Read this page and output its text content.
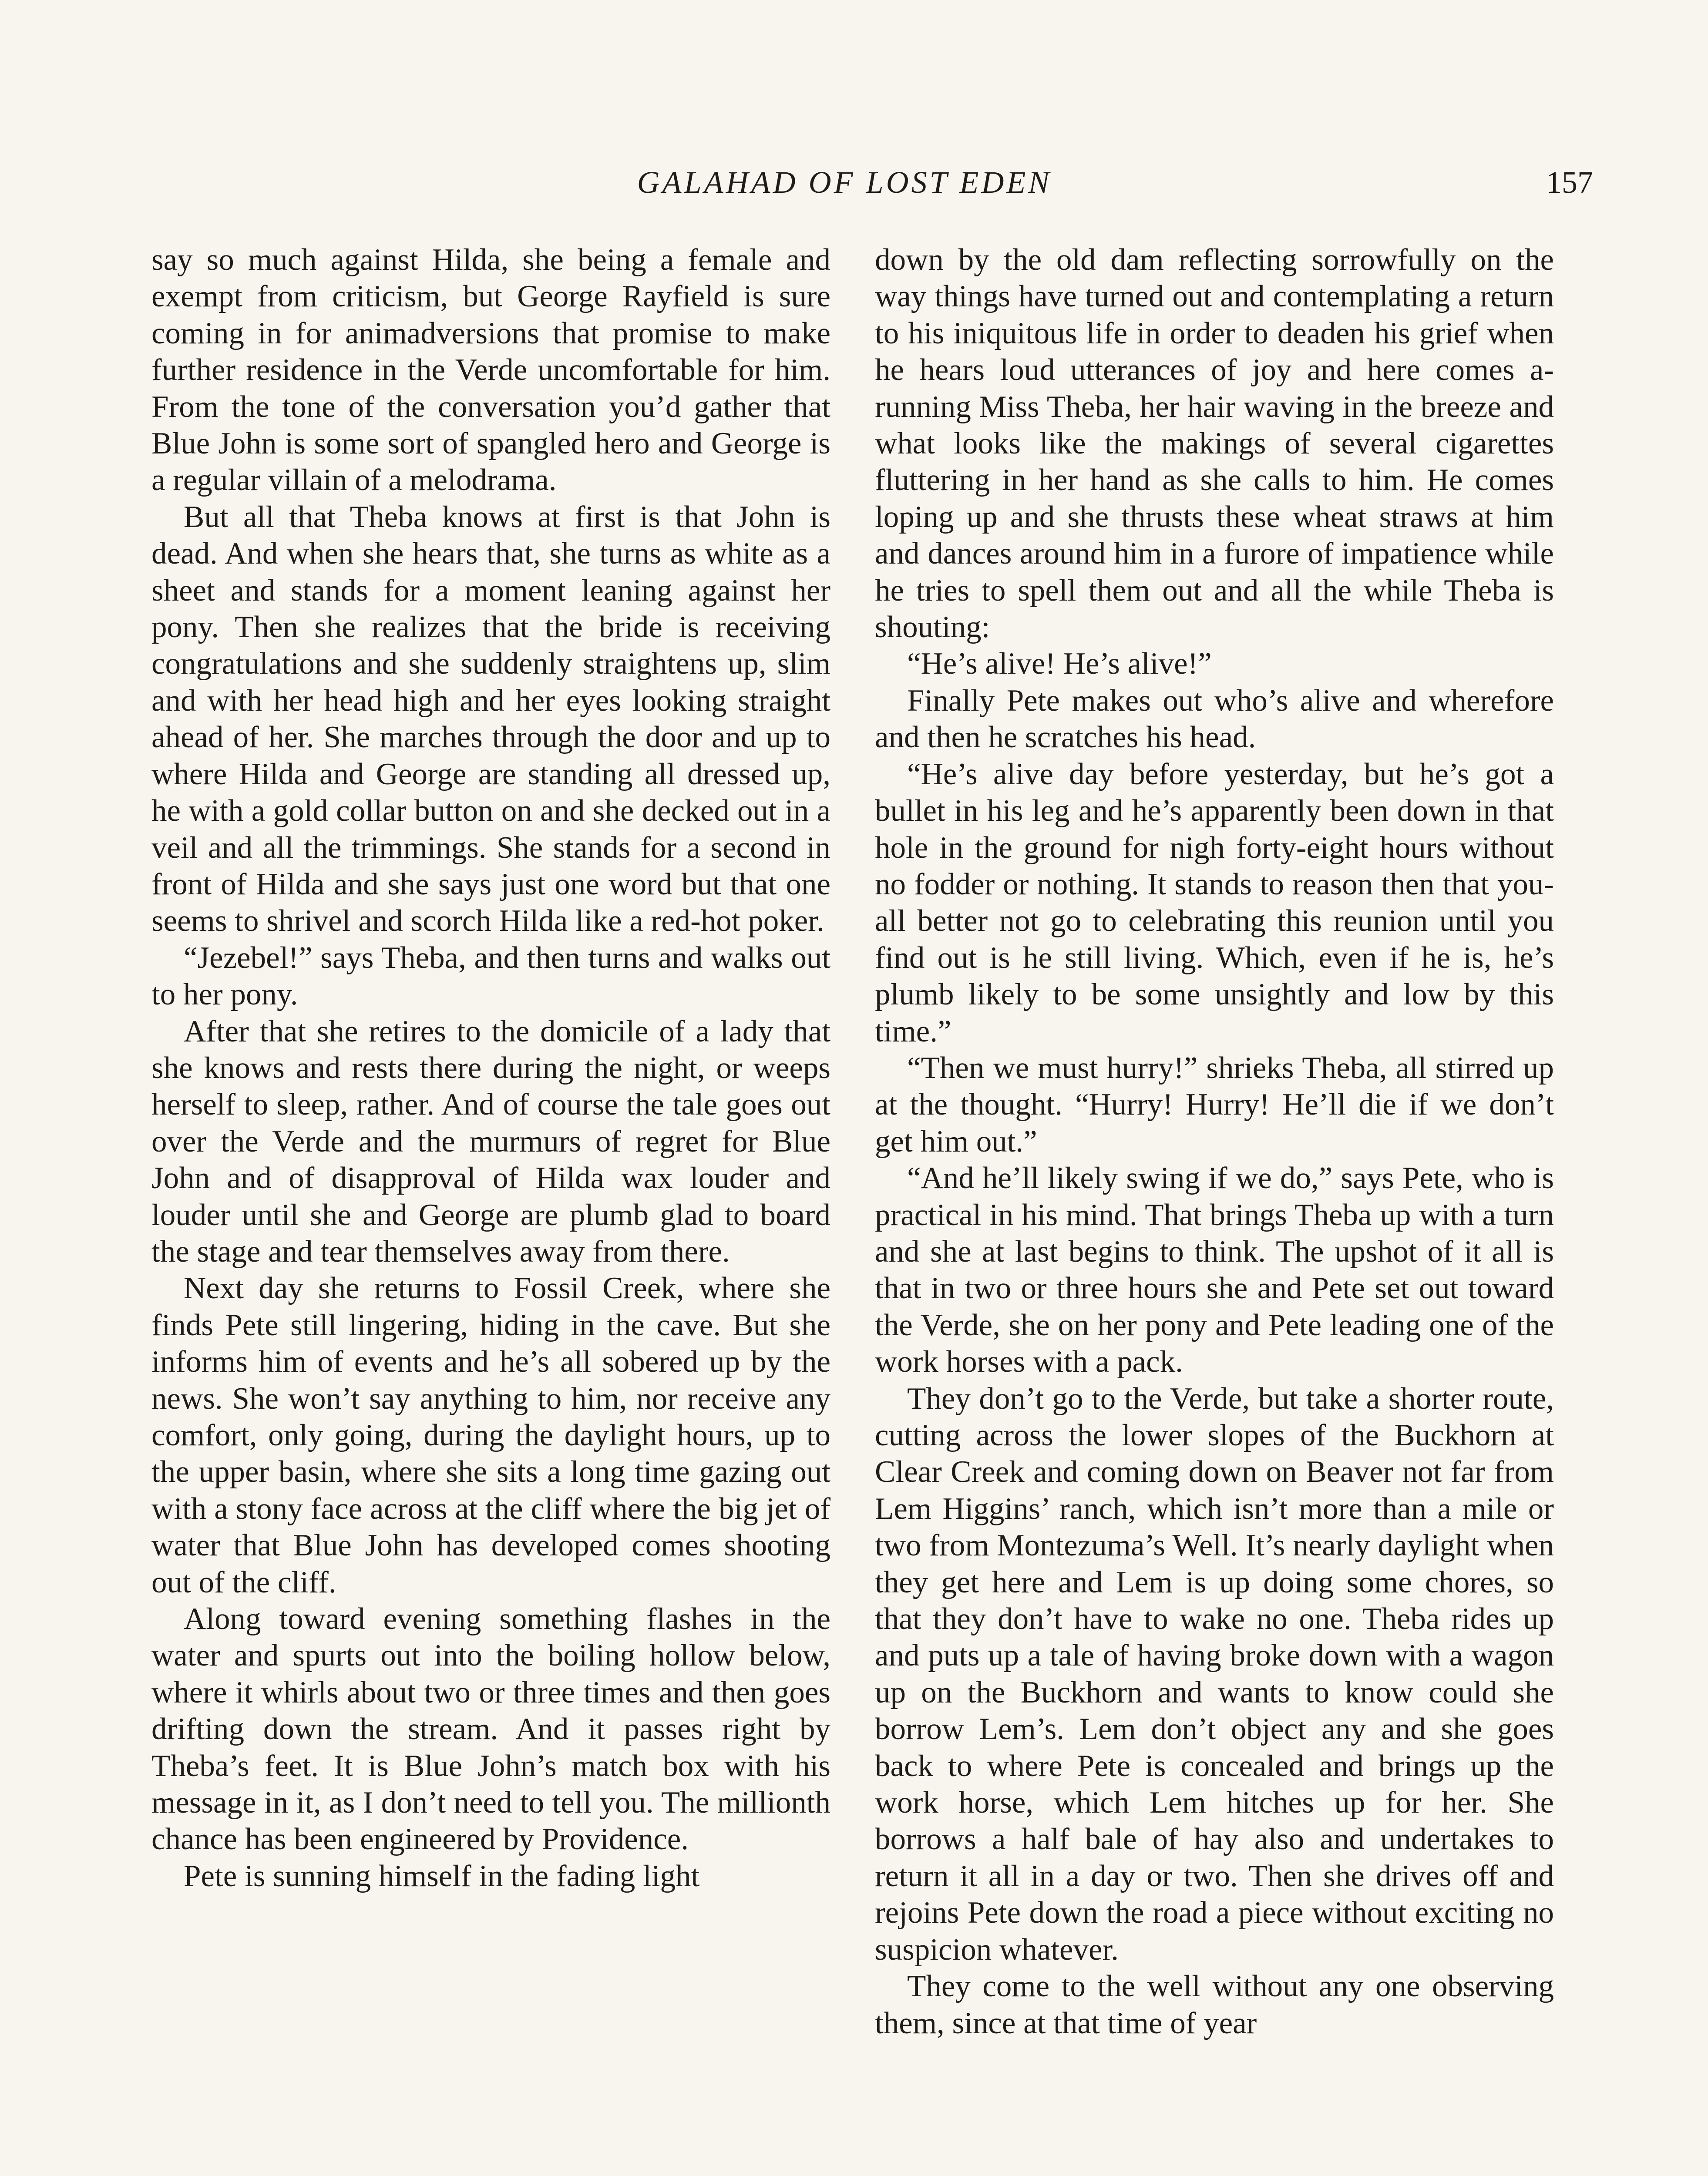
GALAHAD OF LOST EDEN	157

say so much against Hilda, she being a female and exempt from criticism, but George Rayfield is sure coming in for animadversions that promise to make further residence in the Verde uncomfortable for him. From the tone of the conversation you’d gather that Blue John is some sort of spangled hero and George is a regular villain of a melodrama.

But all that Theba knows at first is that John is dead. And when she hears that, she turns as white as a sheet and stands for a moment leaning against her pony. Then she realizes that the bride is receiving congratulations and she suddenly straightens up, slim and with her head high and her eyes looking straight ahead of her. She marches through the door and up to where Hilda and George are standing all dressed up, he with a gold collar button on and she decked out in a veil and all the trimmings. She stands for a second in front of Hilda and she says just one word but that one seems to shrivel and scorch Hilda like a red-hot poker.

“Jezebel!” says Theba, and then turns and walks out to her pony.

After that she retires to the domicile of a lady that she knows and rests there during the night, or weeps herself to sleep, rather. And of course the tale goes out over the Verde and the murmurs of regret for Blue John and of disapproval of Hilda wax louder and louder until she and George are plumb glad to board the stage and tear themselves away from there.

Next day she returns to Fossil Creek, where she finds Pete still lingering, hiding in the cave. But she informs him of events and he’s all sobered up by the news. She won’t say anything to him, nor receive any comfort, only going, during the daylight hours, up to the upper basin, where she sits a long time gazing out with a stony face across at the cliff where the big jet of water that Blue John has developed comes shooting out of the cliff.

Along toward evening something flashes in the water and spurts out into the boiling hollow below, where it whirls about two or three times and then goes drifting down the stream. And it passes right by Theba’s feet. It is Blue John’s match box with his message in it, as I don’t need to tell you. The millionth chance has been engineered by Providence.

Pete is sunning himself in the fading light

down by the old dam reflecting sorrowfully on the way things have turned out and contemplating a return to his iniquitous life in order to deaden his grief when he hears loud utterances of joy and here comes a-running Miss Theba, her hair waving in the breeze and what looks like the makings of several cigarettes fluttering in her hand as she calls to him. He comes loping up and she thrusts these wheat straws at him and dances around him in a furore of impatience while he tries to spell them out and all the while Theba is shouting:

“He’s alive! He’s alive!”

Finally Pete makes out who’s alive and wherefore and then he scratches his head.

“He’s alive day before yesterday, but he’s got a bullet in his leg and he’s apparently been down in that hole in the ground for nigh forty-eight hours without no fodder or nothing. It stands to reason then that you-all better not go to celebrating this reunion until you find out is he still living. Which, even if he is, he’s plumb likely to be some unsightly and low by this time.”

“Then we must hurry!” shrieks Theba, all stirred up at the thought. “Hurry! Hurry! He’ll die if we don’t get him out.”

“And he’ll likely swing if we do,” says Pete, who is practical in his mind. That brings Theba up with a turn and she at last begins to think. The upshot of it all is that in two or three hours she and Pete set out toward the Verde, she on her pony and Pete leading one of the work horses with a pack.

They don’t go to the Verde, but take a shorter route, cutting across the lower slopes of the Buckhorn at Clear Creek and coming down on Beaver not far from Lem Higgins’ ranch, which isn’t more than a mile or two from Montezuma’s Well. It’s nearly daylight when they get here and Lem is up doing some chores, so that they don’t have to wake no one. Theba rides up and puts up a tale of having broke down with a wagon up on the Buckhorn and wants to know could she borrow Lem’s. Lem don’t object any and she goes back to where Pete is concealed and brings up the work horse, which Lem hitches up for her. She borrows a half bale of hay also and undertakes to return it all in a day or two. Then she drives off and rejoins Pete down the road a piece without exciting no suspicion whatever.

They come to the well without any one observing them, since at that time of year
